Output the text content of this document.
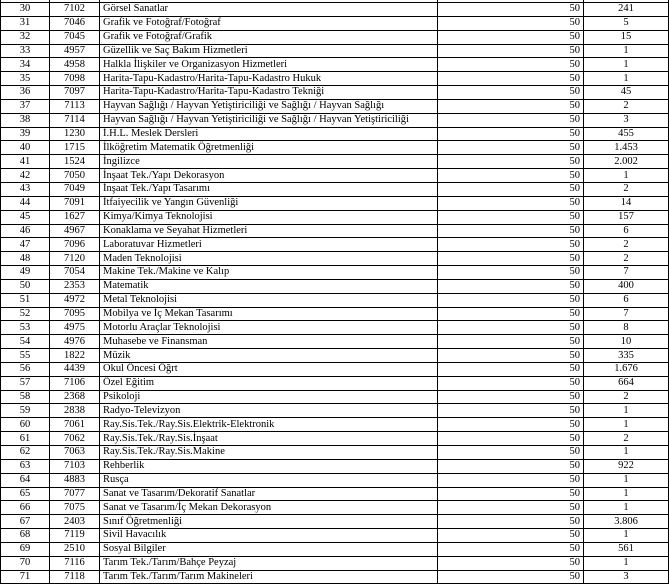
30	7102	Görsel Sanatlar	50	241
31	7046	Grafik ve Fotoğraf/Fotoğraf	50	5
32	7045	Grafik ve Fotoğraf/Grafik	50	15
33	4957	Güzellik ve Saç Bakım Hizmetleri	50	1
34	4958	Halkla İlişkiler ve Organizasyon Hizmetleri	50	1
35	7098	Harita-Tapu-Kadastro/Harita-Tapu-Kadastro Hukuk	50	1
36	7097	Harita-Tapu-Kadastro/Harita-Tapu-Kadastro Tekniği	50	45
37	7113	Hayvan Sağlığı / Hayvan Yetiştiriciliği ve Sağlığı / Hayvan Sağlığı	50	2
38	7114	Hayvan Sağlığı / Hayvan Yetiştiriciliği ve Sağlığı / Hayvan Yetiştiriciliği	50	3
39	1230	İ.H.L. Meslek Dersleri	50	455
40	1715	İlköğretim Matematik Öğretmenliği	50	1.453
41	1524	İngilizce	50	2.002
42	7050	İnşaat Tek./Yapı Dekorasyon	50	1
43	7049	İnşaat Tek./Yapı Tasarımı	50	2
44	7091	İtfaiyecilik ve Yangın Güvenliği	50	14
45	1627	Kimya/Kimya Teknolojisi	50	157
46	4967	Konaklama ve Seyahat Hizmetleri	50	6
47	7096	Laboratuvar Hizmetleri	50	2
48	7120	Maden Teknolojisi	50	2
49	7054	Makine Tek./Makine ve Kalıp	50	7
50	2353	Matematik	50	400
51	4972	Metal Teknolojisi	50	6
52	7095	Mobilya ve İç Mekan Tasarımı	50	7
53	4975	Motorlu Araçlar Teknolojisi	50	8
54	4976	Muhasebe ve Finansman	50	10
55	1822	Müzik	50	335
56	4439	Okul Öncesi Öğrt	50	1.676
57	7106	Özel Eğitim	50	664
58	2368	Psikoloji	50	2
59	2838	Radyo-Televizyon	50	1
60	7061	Ray.Sis.Tek./Ray.Sis.Elektrik-Elektronik	50	1
61	7062	Ray.Sis.Tek./Ray.Sis.İnşaat	50	2
62	7063	Ray.Sis.Tek./Ray.Sis.Makine	50	1
63	7103	Rehberlik	50	922
64	4883	Rusça	50	1
65	7077	Sanat ve Tasarım/Dekoratif Sanatlar	50	1
66	7075	Sanat ve Tasarım/İç Mekan Dekorasyon	50	1
67	2403	Sınıf Öğretmenliği	50	3.806
68	7119	Sivil Havacılık	50	1
69	2510	Sosyal Bilgiler	50	561
70	7116	Tarım Tek./Tarım/Bahçe Peyzaj	50	1
71	7118	Tarım Tek./Tarım/Tarım Makineleri	50	3
